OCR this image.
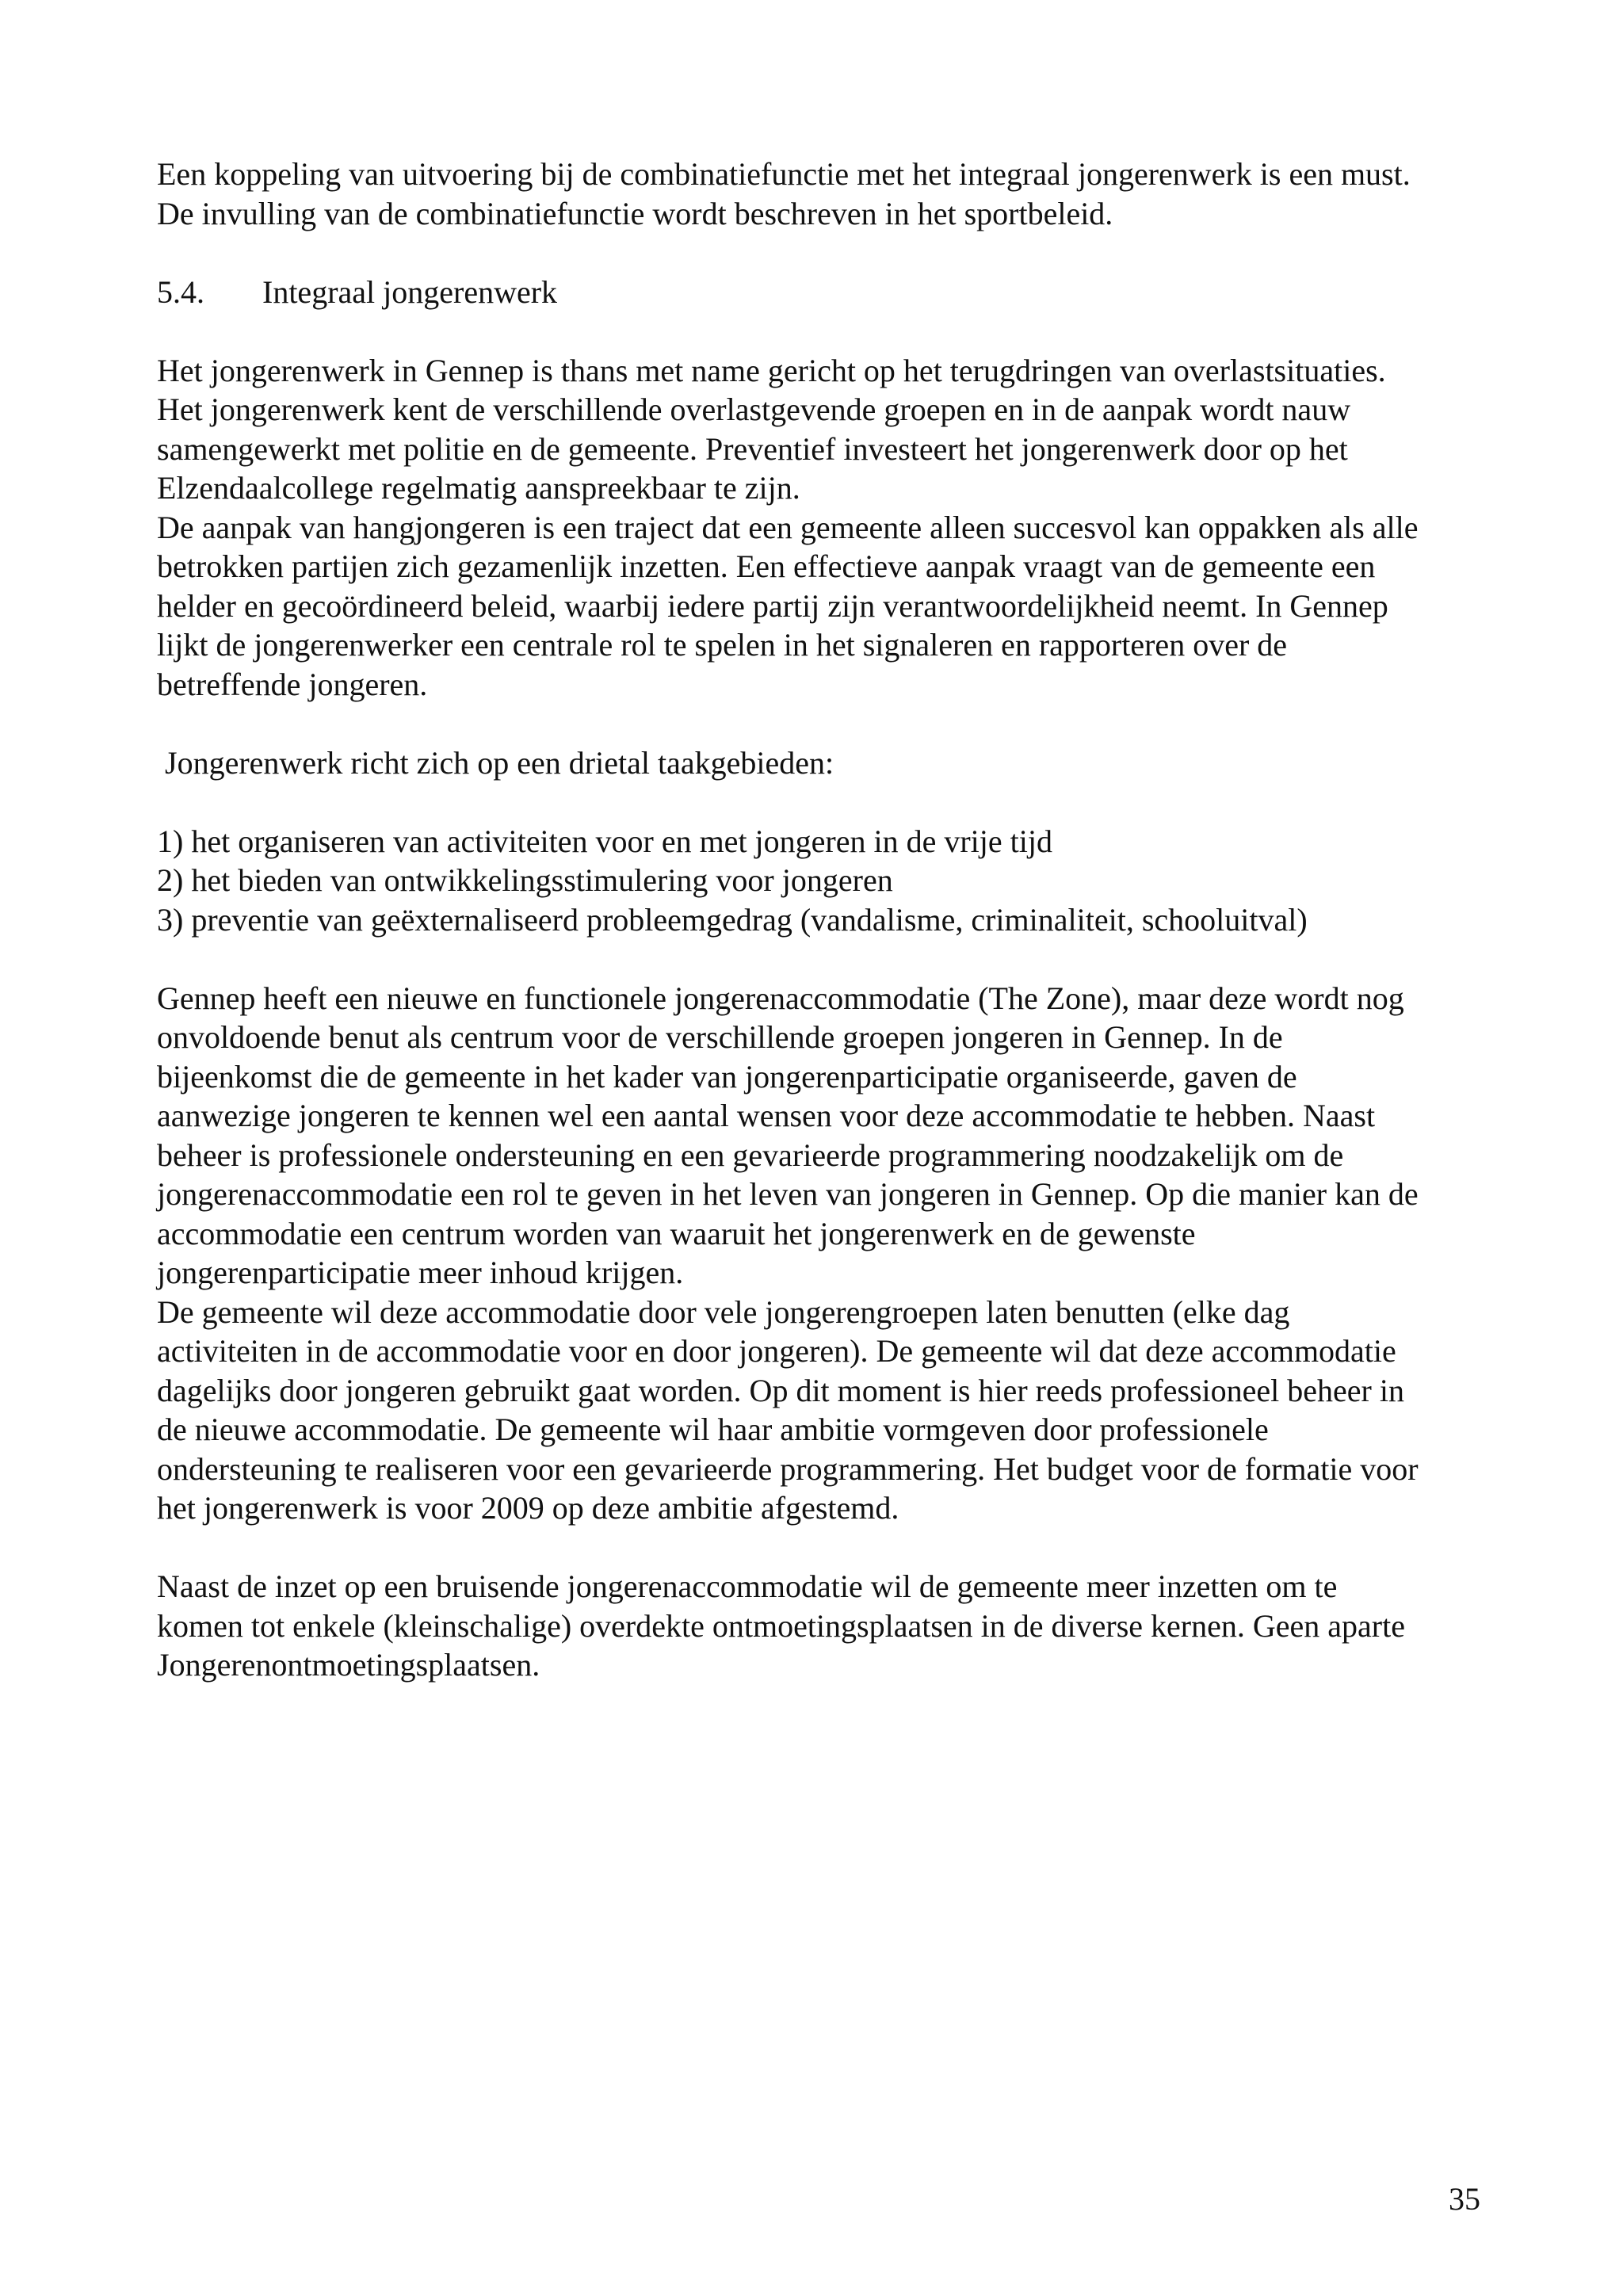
Een koppeling van uitvoering bij de combinatiefunctie met het integraal jongerenwerk is een must.
De invulling van de combinatiefunctie wordt beschreven in het sportbeleid.

5.4. Integraal jongerenwerk

Het jongerenwerk in Gennep is thans met name gericht op het terugdringen van overlastsituaties.
Het jongerenwerk kent de verschillende overlastgevende groepen en in de aanpak wordt nauw
samengewerkt met politie en de gemeente. Preventief investeert het jongerenwerk door op het
Elzendaalcollege regelmatig aanspreekbaar te zijn.
De aanpak van hangjongeren is een traject dat een gemeente alleen succesvol kan oppakken als alle
betrokken partijen zich gezamenlijk inzetten. Een effectieve aanpak vraagt van de gemeente een
helder en gecoördineerd beleid, waarbij iedere partij zijn verantwoordelijkheid neemt. In Gennep
lijkt de jongerenwerker een centrale rol te spelen in het signaleren en rapporteren over de
betreffende jongeren.

Jongerenwerk richt zich op een drietal taakgebieden:

1) het organiseren van activiteiten voor en met jongeren in de vrije tijd
2) het bieden van ontwikkelingsstimulering voor jongeren
3) preventie van geëxternaliseerd probleemgedrag (vandalisme, criminaliteit, schooluitval)

Gennep heeft een nieuwe en functionele jongerenaccommodatie (The Zone), maar deze wordt nog
onvoldoende benut als centrum voor de verschillende groepen jongeren in Gennep. In de
bijeenkomst die de gemeente in het kader van jongerenparticipatie organiseerde, gaven de
aanwezige jongeren te kennen wel een aantal wensen voor deze accommodatie te hebben. Naast
beheer is professionele ondersteuning en een gevarieerde programmering noodzakelijk om de
jongerenaccommodatie een rol te geven in het leven van jongeren in Gennep. Op die manier kan de
accommodatie een centrum worden van waaruit het jongerenwerk en de gewenste
jongerenparticipatie meer inhoud krijgen.
De gemeente wil deze accommodatie door vele jongerengroepen laten benutten (elke dag
activiteiten in de accommodatie voor en door jongeren). De gemeente wil dat deze accommodatie
dagelijks door jongeren gebruikt gaat worden. Op dit moment is hier reeds professioneel beheer in
de nieuwe accommodatie. De gemeente wil haar ambitie vormgeven door professionele
ondersteuning te realiseren voor een gevarieerde programmering. Het budget voor de formatie voor
het jongerenwerk is voor 2009 op deze ambitie afgestemd.

Naast de inzet op een bruisende jongerenaccommodatie wil de gemeente meer inzetten om te
komen tot enkele (kleinschalige) overdekte ontmoetingsplaatsen in de diverse kernen. Geen aparte
Jongerenontmoetingsplaatsen.

35
